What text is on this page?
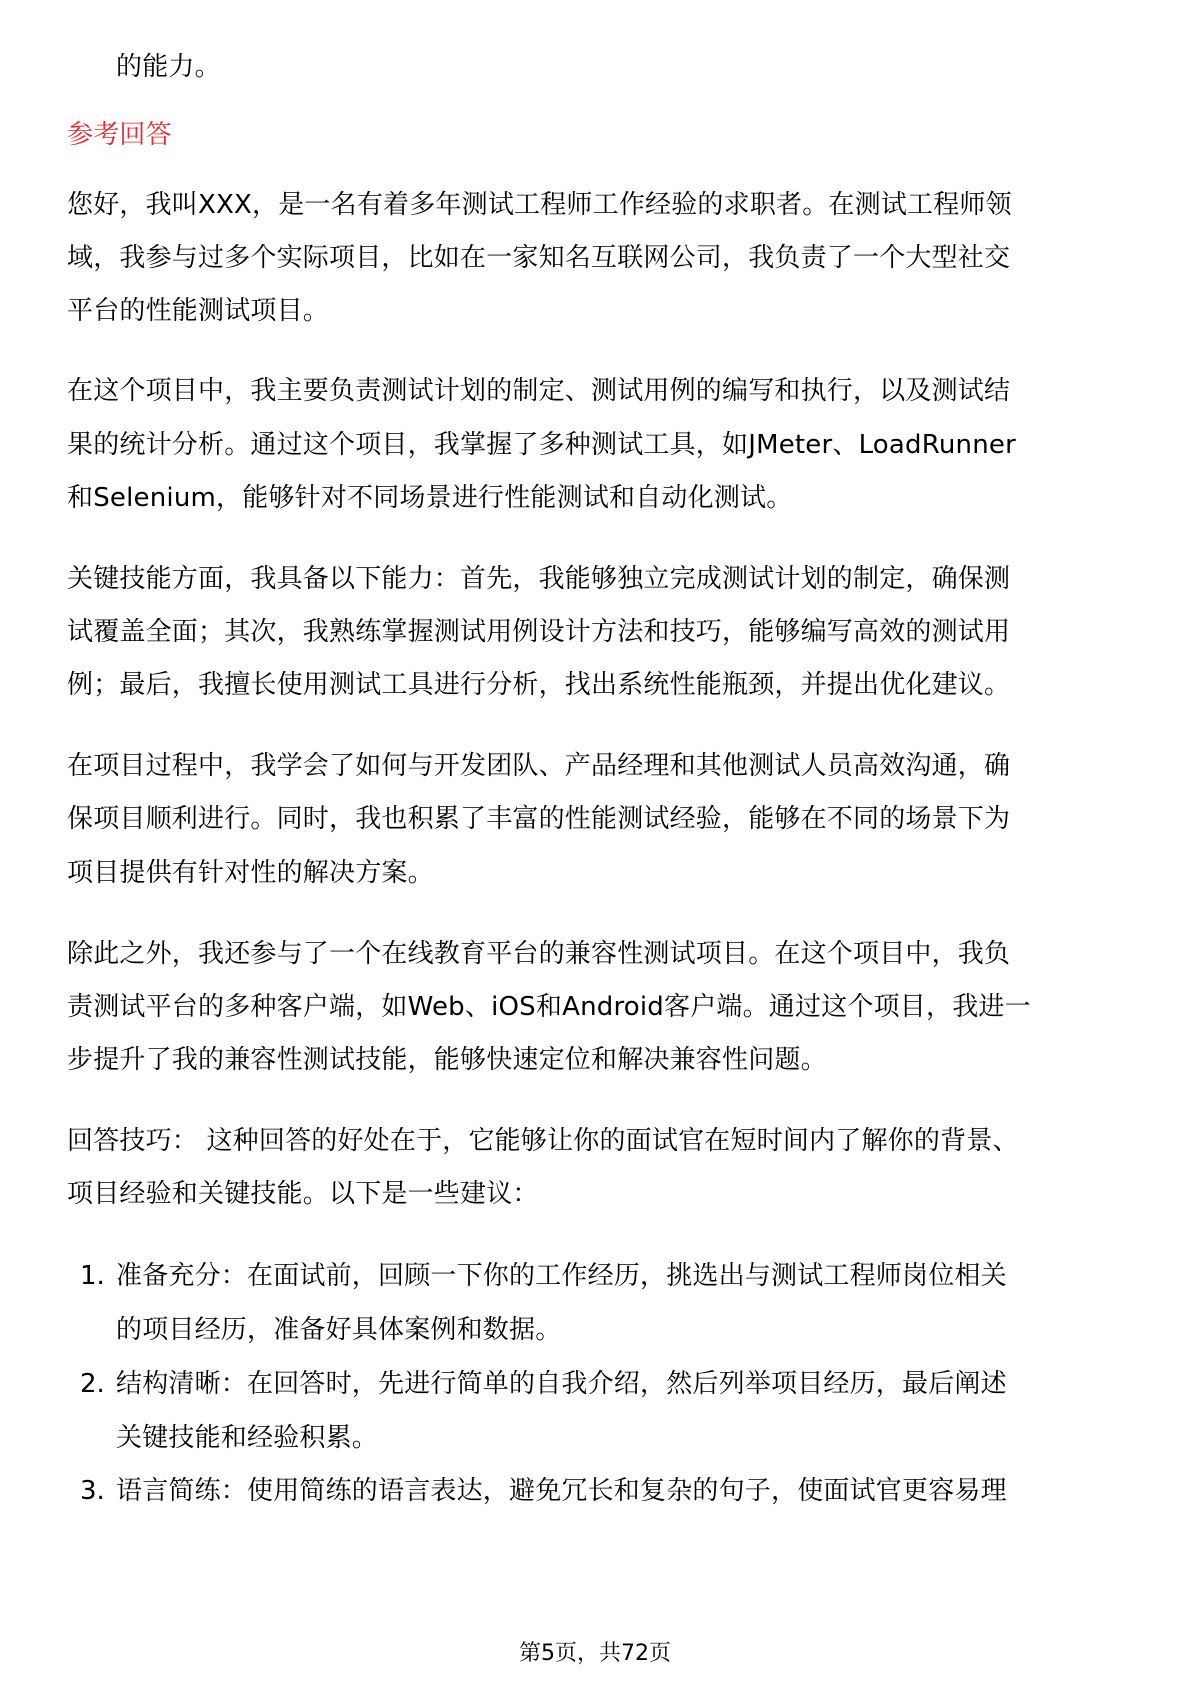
的能力。
参考回答
您好，我叫XXX，是一名有着多年测试工程师工作经验的求职者。在测试工程师领
域，我参与过多个实际项目，比如在一家知名互联网公司，我负责了一个大型社交
平台的性能测试项目。
在这个项目中，我主要负责测试计划的制定、测试用例的编写和执行，以及测试结
果的统计分析。通过这个项目，我掌握了多种测试工具，如JMeter、LoadRunner
和Selenium，能够针对不同场景进行性能测试和自动化测试。
关键技能方面，我具备以下能力：首先，我能够独立完成测试计划的制定，确保测
试覆盖全面；其次，我熟练掌握测试用例设计方法和技巧，能够编写高效的测试用
例；最后，我擅长使用测试工具进行分析，找出系统性能瓶颈，并提出优化建议。
在项目过程中，我学会了如何与开发团队、产品经理和其他测试人员高效沟通，确
保项目顺利进行。同时，我也积累了丰富的性能测试经验，能够在不同的场景下为
项目提供有针对性的解决方案。
除此之外，我还参与了一个在线教育平台的兼容性测试项目。在这个项目中，我负
责测试平台的多种客户端，如Web、iOS和Android客户端。通过这个项目，我进一
步提升了我的兼容性测试技能，能够快速定位和解决兼容性问题。
回答技巧： 这种回答的好处在于，它能够让你的面试官在短时间内了解你的背景、
项目经验和关键技能。以下是一些建议：
1. 准备充分：在面试前，回顾一下你的工作经历，挑选出与测试工程师岗位相关
的项目经历，准备好具体案例和数据。
2. 结构清晰：在回答时，先进行简单的自我介绍，然后列举项目经历，最后阐述
关键技能和经验积累。
3. 语言简练：使用简练的语言表达，避免冗长和复杂的句子，使面试官更容易理
第5页，共72页
